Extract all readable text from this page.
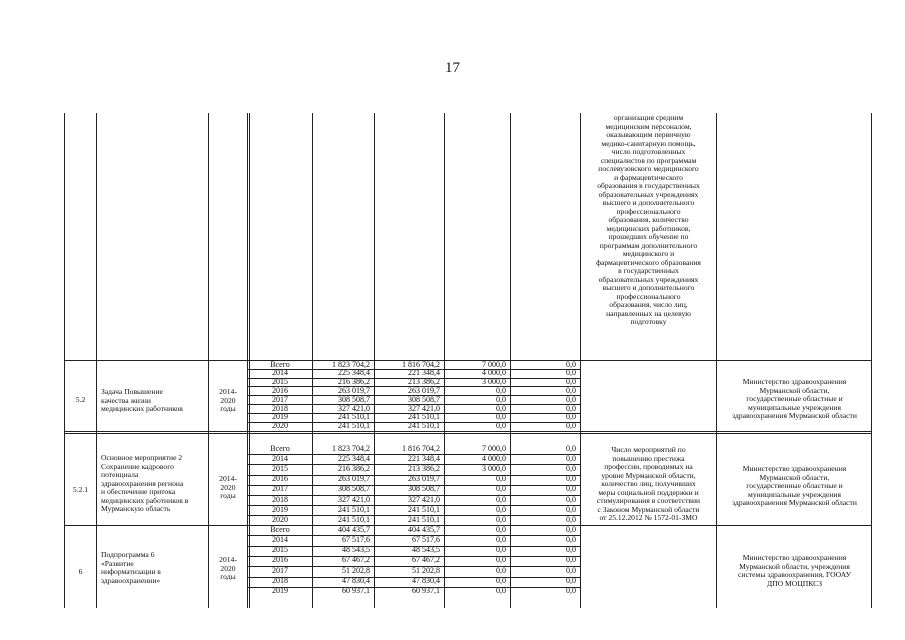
17
организация средним
медицинским персоналом,
оказывающим первичную
медико-санитарную помощь,
число подготовленных
специалистов по программам
послевузовского медицинского
и фармацевтического
образования в государственных
образовательных учреждениях
высшего и дополнительного
профессионального
образования, количество
медицинских работников,
прошедших обучение по
программам дополнительного
медицинского и
фармацевтического образования
в государственных
образовательных учреждениях
высшего и дополнительного
профессионального
образования, число лиц,
направленных на целевую
подготовку
5.2
Задача Повышение
качества жизни
медицинских работников
2014-
2020
годы
Министерство здравоохранения
Мурманской области,
государственные областные и
муниципальные учреждения
здравоохранения Мурманской области
Всего	1 823 704,2	1 816 704,2	7 000,0	0,0
2014	225 348,4	221 348,4	4 000,0	0,0
2015	216 386,2	213 386,2	3 000,0	0,0
2016	263 019,7	263 019,7	0,0	0,0
2017	308 508,7	308 508,7	0,0	0,0
2018	327 421,0	327 421,0	0,0	0,0
2019	241 510,1	241 510,1	0,0	0,0
2020	241 510,1	241 510,1	0,0	0,0
5.2.1
Основное мероприятие 2
Сохранение кадрового
потенциала
здравоохранения региона
и обеспечение притока
медицинских работников в
Мурманскую область
2014-
2020
годы
Число мероприятий по
повышению престижа
профессии, проводимых на
уровне Мурманской области,
количество лиц, получивших
меры социальной поддержки и
стимулирования в соответствии
с Законом Мурманской области
от 25.12.2012 № 1572-01-ЗМО
Министерство здравоохранения
Мурманской области,
государственные областные и
муниципальные учреждения
здравоохранения Мурманской области
Всего	1 823 704,2	1 816 704,2	7 000,0	0,0
2014	225 348,4	221 348,4	4 000,0	0,0
2015	216 386,2	213 386,2	3 000,0	0,0
2016	263 019,7	263 019,7	0,0	0,0
2017	308 508,7	308 508,7	0,0	0,0
2018	327 421,0	327 421,0	0,0	0,0
2019	241 510,1	241 510,1	0,0	0,0
2020	241 510,1	241 510,1	0,0	0,0
6
Подпрограмма 6
«Развитие
информатизации в
здравоохранении»
2014-
2020
годы
Министерство здравоохранения
Мурманской области, учреждения
системы здравоохранения, ГООАУ
ДПО МОЦПКСЗ
Всего	404 435,7	404 435,7	0,0	0,0
2014	67 517,6	67 517,6	0,0	0,0
2015	48 543,5	48 543,5	0,0	0,0
2016	67 467,2	67 467,2	0,0	0,0
2017	51 202,8	51 202,8	0,0	0,0
2018	47 830,4	47 830,4	0,0	0,0
2019	60 937,1	60 937,1	0,0	0,0
